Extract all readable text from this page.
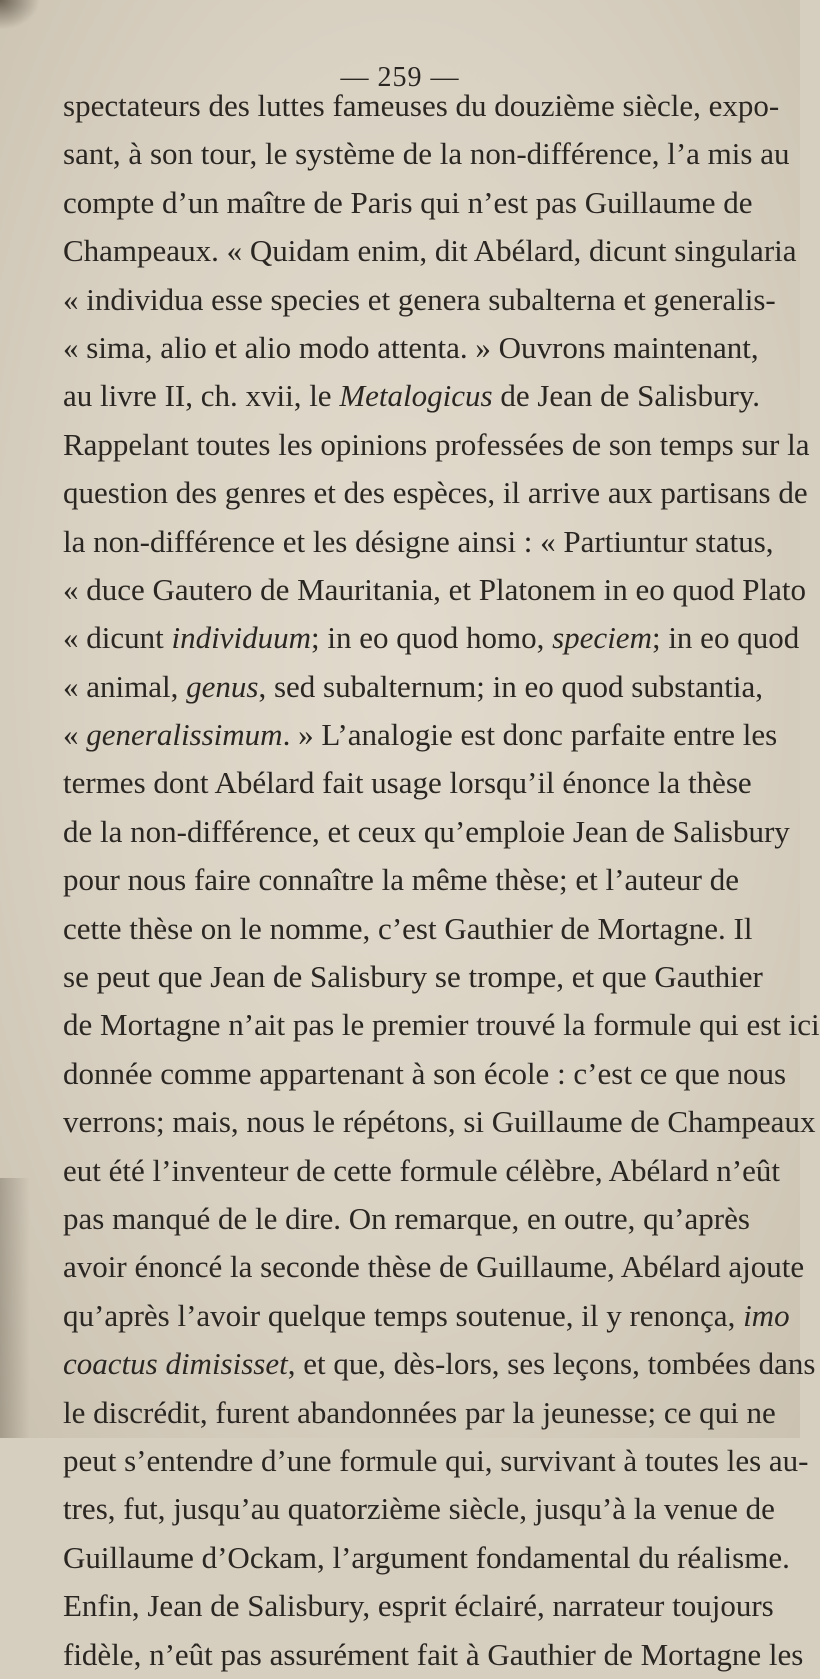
— 259 —
spectateurs des luttes fameuses du douzième siècle, expo-
sant, à son tour, le système de la non-différence, l’a mis au
compte d’un maître de Paris qui n’est pas Guillaume de
Champeaux. « Quidam enim, dit Abélard, dicunt singularia
« individua esse species et genera subalterna et generalis-
« sima, alio et alio modo attenta. » Ouvrons maintenant,
au livre II, ch. xvii, le Metalogicus de Jean de Salisbury.
Rappelant toutes les opinions professées de son temps sur la
question des genres et des espèces, il arrive aux partisans de
la non-différence et les désigne ainsi : « Partiuntur status,
« duce Gautero de Mauritania, et Platonem in eo quod Plato
« dicunt individuum; in eo quod homo, speciem; in eo quod
« animal, genus, sed subalternum; in eo quod substantia,
« generalissimum. » L’analogie est donc parfaite entre les
termes dont Abélard fait usage lorsqu’il énonce la thèse
de la non-différence, et ceux qu’emploie Jean de Salisbury
pour nous faire connaître la même thèse; et l’auteur de
cette thèse on le nomme, c’est Gauthier de Mortagne. Il
se peut que Jean de Salisbury se trompe, et que Gauthier
de Mortagne n’ait pas le premier trouvé la formule qui est ici
donnée comme appartenant à son école : c’est ce que nous
verrons; mais, nous le répétons, si Guillaume de Champeaux
eut été l’inventeur de cette formule célèbre, Abélard n’eût
pas manqué de le dire. On remarque, en outre, qu’après
avoir énoncé la seconde thèse de Guillaume, Abélard ajoute
qu’après l’avoir quelque temps soutenue, il y renonça, imo
coactus dimisisset, et que, dès-lors, ses leçons, tombées dans
le discrédit, furent abandonnées par la jeunesse; ce qui ne
peut s’entendre d’une formule qui, survivant à toutes les au-
tres, fut, jusqu’au quatorzième siècle, jusqu’à la venue de
Guillaume d’Ockam, l’argument fondamental du réalisme.
Enfin, Jean de Salisbury, esprit éclairé, narrateur toujours
fidèle, n’eût pas assurément fait à Gauthier de Mortagne les
